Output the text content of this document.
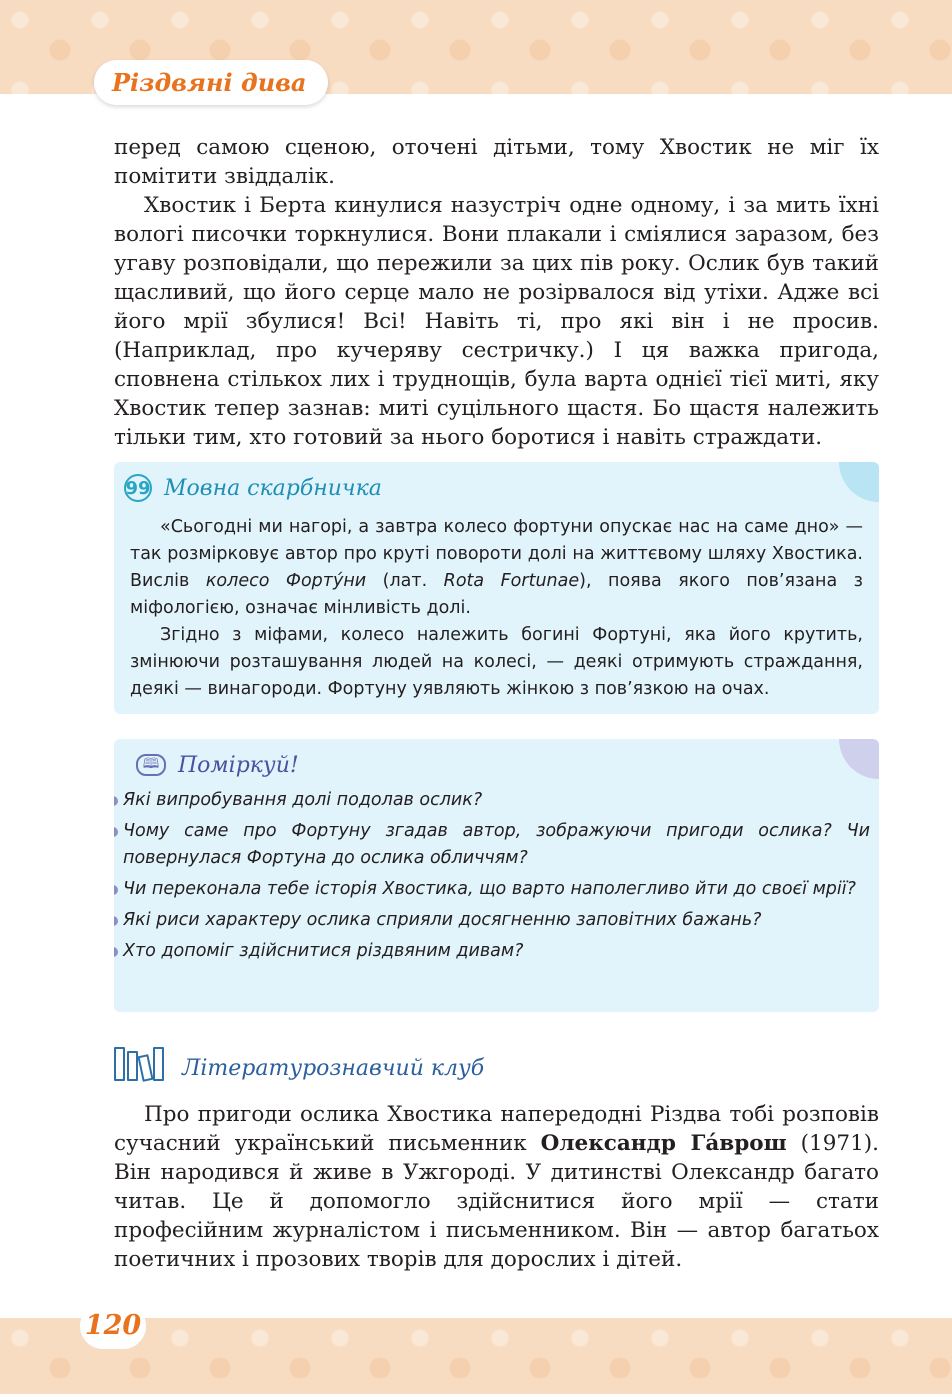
Різдвяні дива

перед самою сценою, оточені дітьми, тому Хвостик не міг їх помітити звіддалік.

Хвостик і Берта кинулися назустріч одне одному, і за мить їхні вологі писочки торкнулися. Вони плакали і сміялися заразом, без угаву розповідали, що пережили за цих пів року. Ослик був такий щасливий, що його серце мало не розірвалося від утіхи. Адже всі його мрії збулися! Всі! Навіть ті, про які він і не просив. (Наприклад, про кучеряву сестричку.) І ця важка пригода, сповнена стількох лих і труднощів, була варта однієї тієї миті, яку Хвостик тепер зазнав: миті суцільного щастя. Бо щастя належить тільки тим, хто готовий за нього боротися і навіть страждати.

99 Мовна скарбничка

«Сьогодні ми нагорі, а завтра колесо фортуни опускає нас на саме дно» — так розмірковує автор про круті повороти долі на життєвому шляху Хвостика. Вислів колесо Форту́ни (лат. Rota Fortunae), поява якого пов’язана з міфологією, означає мінливість долі.

Згідно з міфами, колесо належить богині Фортуні, яка його крутить, змінюючи розташування людей на колесі, — деякі отримують страждання, деякі — винагороди. Фортуну уявляють жінкою з пов’язкою на очах.

🕮 Поміркуй!
Які випробування долі подолав ослик?
Чому саме про Фортуну згадав автор, зображуючи пригоди ослика? Чи повернулася Фортуна до ослика обличчям?
Чи переконала тебе історія Хвостика, що варто наполегливо йти до своєї мрії?
Які риси характеру ослика сприяли досягненню заповітних бажань?
Хто допоміг здійснитися різдвяним дивам?
Літературознавчий клуб

Про пригоди ослика Хвостика напередодні Різдва тобі розповів сучасний український письменник Олександр Га́врош (1971). Він народився й живе в Ужгороді. У дитинстві Олександр багато читав. Це й допомогло здійснитися його мрії — стати професійним журналістом і письменником. Він — автор багатьох поетичних і прозових творів для дорослих і дітей.

120
